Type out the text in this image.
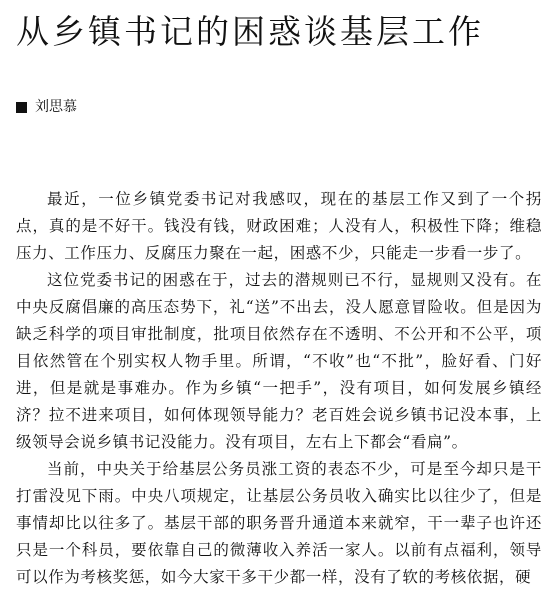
从乡镇书记的困惑谈基层工作
刘思慕

最近，一位乡镇党委书记对我感叹，现在的基层工作又到了一个拐点，真的是不好干。钱没有钱，财政困难；人没有人，积极性下降；维稳压力、工作压力、反腐压力聚在一起，困惑不少，只能走一步看一步了。

这位党委书记的困惑在于，过去的潜规则已不行，显规则又没有。在中央反腐倡廉的高压态势下，礼“送”不出去，没人愿意冒险收。但是因为缺乏科学的项目审批制度，批项目依然存在不透明、不公开和不公平，项目依然管在个别实权人物手里。所谓，“不收”也“不批”，脸好看、门好进，但是就是事难办。作为乡镇“一把手”，没有项目，如何发展乡镇经济？拉不进来项目，如何体现领导能力？老百姓会说乡镇书记没本事，上级领导会说乡镇书记没能力。没有项目，左右上下都会“看扁”。

当前，中央关于给基层公务员涨工资的表态不少，可是至今却只是干打雷没见下雨。中央八项规定，让基层公务员收入确实比以往少了，但是事情却比以往多了。基层干部的职务晋升通道本来就窄，干一辈子也许还只是一个科员，要依靠自己的微薄收入养活一家人。以前有点福利，领导可以作为考核奖惩，如今大家干多干少都一样，没有了软的考核依据，硬
